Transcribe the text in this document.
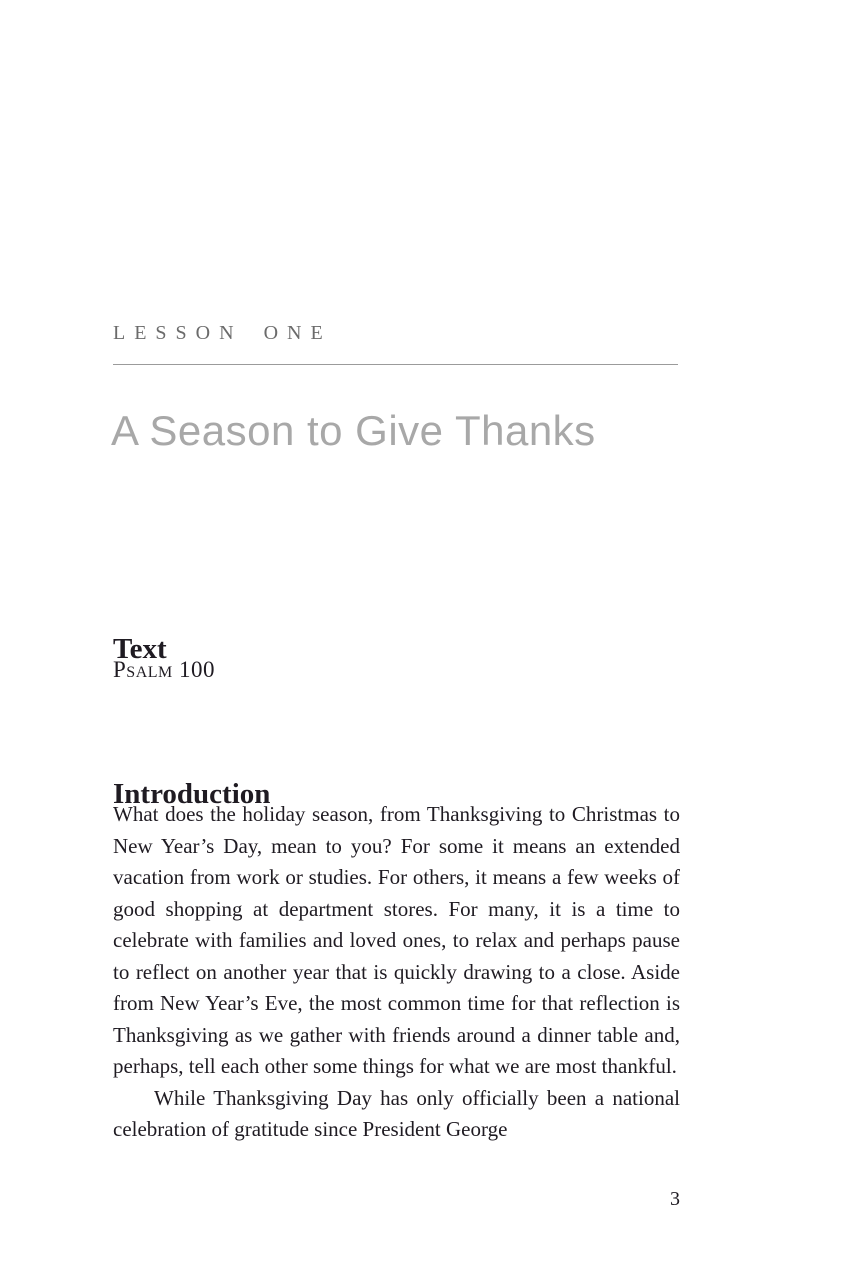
LESSON ONE
A Season to Give Thanks
Text
Psalm 100
Introduction

What does the holiday season, from Thanksgiving to Christmas to New Year’s Day, mean to you? For some it means an extended vacation from work or studies. For others, it means a few weeks of good shopping at department stores. For many, it is a time to celebrate with families and loved ones, to relax and perhaps pause to reflect on another year that is quickly drawing to a close. Aside from New Year’s Eve, the most common time for that reflection is Thanksgiving as we gather with friends around a dinner table and, perhaps, tell each other some things for what we are most thankful.

While Thanksgiving Day has only officially been a national celebration of gratitude since President George

3
